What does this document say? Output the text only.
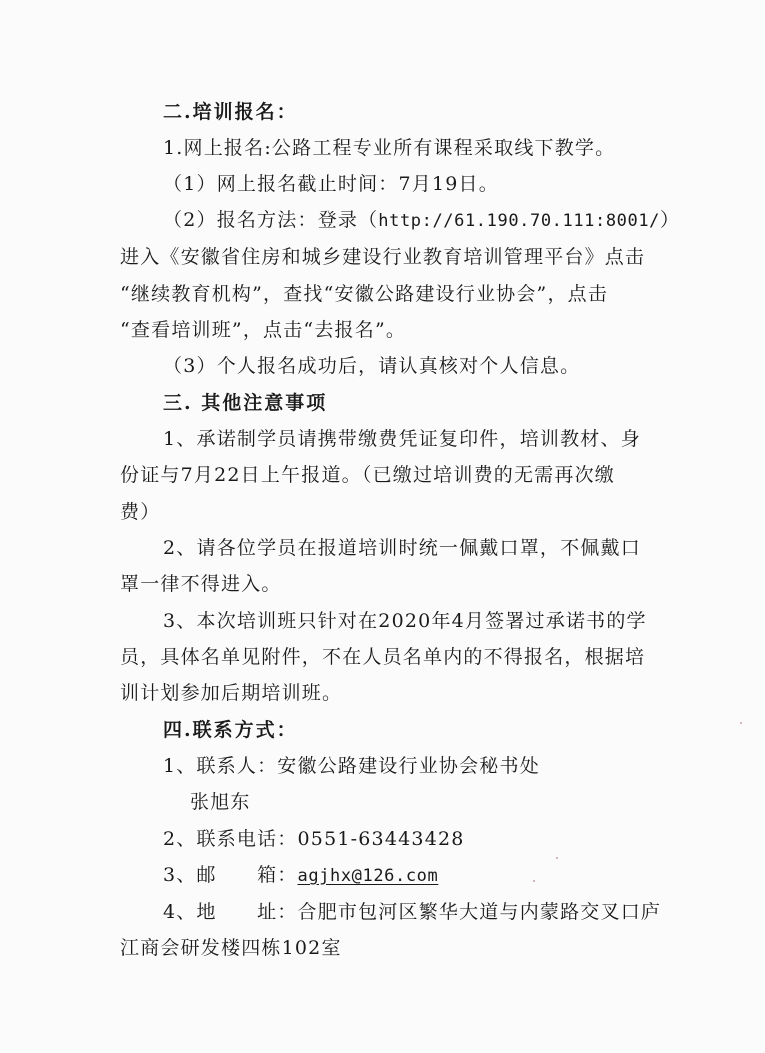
二.培训报名：
1.网上报名:公路工程专业所有课程采取线下教学。
（1）网上报名截止时间：7月19日。
（2）报名方法：登录（http://61.190.70.111:8001/）
进入《安徽省住房和城乡建设行业教育培训管理平台》点击
“继续教育机构”，查找“安徽公路建设行业协会”，点击
“查看培训班”，点击“去报名”。
（3）个人报名成功后，请认真核对个人信息。
三. 其他注意事项
1、承诺制学员请携带缴费凭证复印件，培训教材、身
份证与7月22日上午报道。（已缴过培训费的无需再次缴
费）
2、请各位学员在报道培训时统一佩戴口罩，不佩戴口
罩一律不得进入。
3、本次培训班只针对在2020年4月签署过承诺书的学
员，具体名单见附件，不在人员名单内的不得报名，根据培
训计划参加后期培训班。
四.联系方式：
1、联系人：安徽公路建设行业协会秘书处
张旭东
2、联系电话：0551-63443428
3、邮　　箱：agjhx@126.com
4、地　　址：合肥市包河区繁华大道与内蒙路交叉口庐
江商会研发楼四栋102室
